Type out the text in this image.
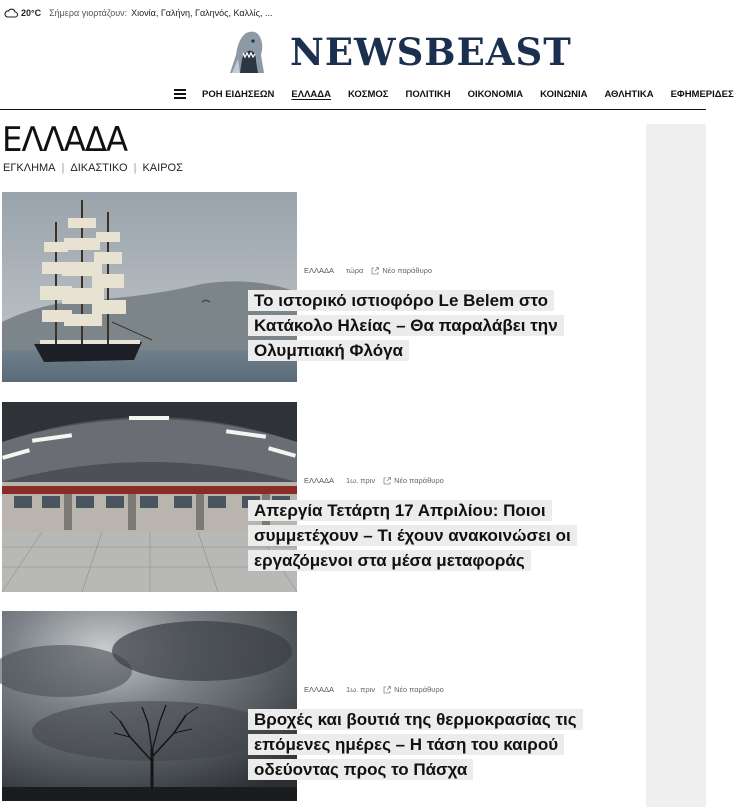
20°C Σήμερα γιορτάζουν: Χιονία, Γαλήνη, Γαληνός, Καλλίς, ...
NEWSBEAST
ΡΟΗ ΕΙΔΗΣΕΩΝ ΕΛΛΑΔΑ ΚΟΣΜΟΣ ΠΟΛΙΤΙΚΗ ΟΙΚΟΝΟΜΙΑ ΚΟΙΝΩΝΙΑ ΑΘΛΗΤΙΚΑ ΕΦΗΜΕΡΙΔΕΣ
ΕΛΛΑΔΑ
ΕΓΚΛΗΜΑ | ΔΙΚΑΣΤΙΚΟ | ΚΑΙΡΟΣ
ΕΛΛΑΔΑ τώρα	Νέο παράθυρο
Το ιστορικό ιστιοφόρο Le Belem στο Κατάκολο Ηλείας – Θα παραλάβει την Ολυμπιακή Φλόγα
ΕΛΛΑΔΑ 1ω. πριν	Νέο παράθυρο
Απεργία Τετάρτη 17 Απριλίου: Ποιοι συμμετέχουν – Τι έχουν ανακοινώσει οι εργαζόμενοι στα μέσα μεταφοράς
ΕΛΛΑΔΑ 1ω. πριν	Νέο παράθυρο
Βροχές και βουτιά της θερμοκρασίας τις επόμενες ημέρες – Η τάση του καιρού οδεύοντας προς το Πάσχα
